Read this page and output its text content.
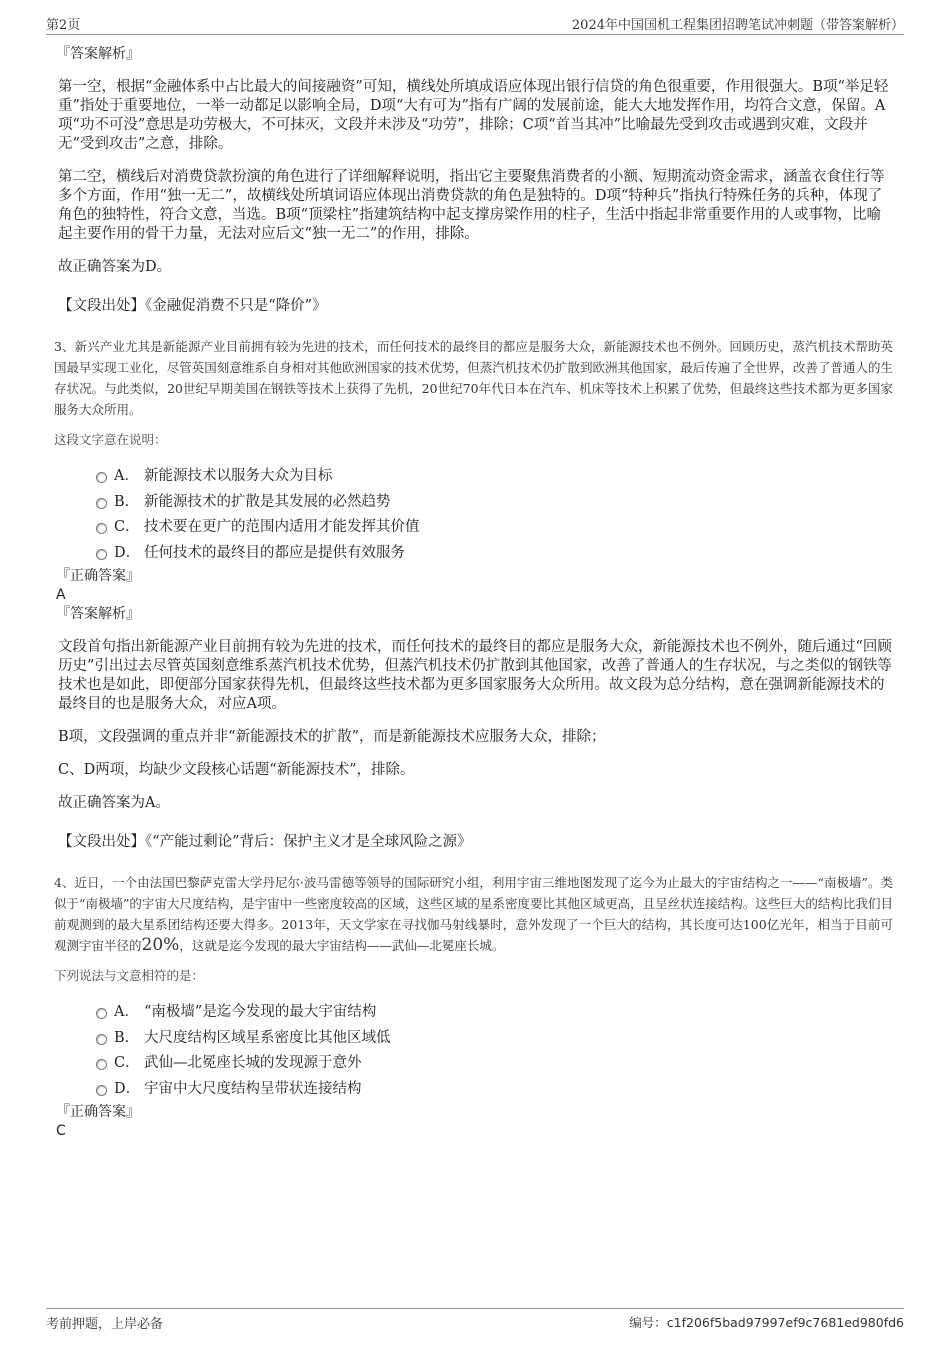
第2页	2024年中国国机工程集团招聘笔试冲刺题（带答案解析）
『答案解析』

第一空，根据“金融体系中占比最大的间接融资”可知，横线处所填成语应体现出银行信贷的角色很重要，作用很强大。B项“举足轻重”指处于重要地位，一举一动都足以影响全局，D项“大有可为”指有广阔的发展前途，能大大地发挥作用，均符合文意，保留。A项“功不可没”意思是功劳极大，不可抹灭，文段并未涉及“功劳”，排除；C项“首当其冲”比喻最先受到攻击或遇到灾难，文段并无“受到攻击”之意，排除。

第二空，横线后对消费贷款扮演的角色进行了详细解释说明，指出它主要聚焦消费者的小额、短期流动资金需求，涵盖衣食住行等多个方面，作用“独一无二”，故横线处所填词语应体现出消费贷款的角色是独特的。D项“特种兵”指执行特殊任务的兵种，体现了角色的独特性，符合文意，当选。B项“顶梁柱”指建筑结构中起支撑房梁作用的柱子，生活中指起非常重要作用的人或事物，比喻起主要作用的骨干力量，无法对应后文“独一无二”的作用，排除。

故正确答案为D。

【文段出处】《金融促消费不只是“降价”》

3、新兴产业尤其是新能源产业目前拥有较为先进的技术，而任何技术的最终目的都应是服务大众，新能源技术也不例外。回顾历史，蒸汽机技术帮助英国最早实现工业化，尽管英国刻意维系自身相对其他欧洲国家的技术优势，但蒸汽机技术仍扩散到欧洲其他国家，最后传遍了全世界，改善了普通人的生存状况。与此类似，20世纪早期美国在钢铁等技术上获得了先机，20世纪70年代日本在汽车、机床等技术上积累了优势，但最终这些技术都为更多国家服务大众所用。

这段文字意在说明：

A． 新能源技术以服务大众为目标
B． 新能源技术的扩散是其发展的必然趋势
C． 技术要在更广的范围内适用才能发挥其价值
D． 任何技术的最终目的都应是提供有效服务
『正确答案』
A
『答案解析』

文段首句指出新能源产业目前拥有较为先进的技术，而任何技术的最终目的都应是服务大众，新能源技术也不例外，随后通过“回顾历史”引出过去尽管英国刻意维系蒸汽机技术优势，但蒸汽机技术仍扩散到其他国家，改善了普通人的生存状况，与之类似的钢铁等技术也是如此，即便部分国家获得先机，但最终这些技术都为更多国家服务大众所用。故文段为总分结构，意在强调新能源技术的最终目的也是服务大众，对应A项。

B项，文段强调的重点并非“新能源技术的扩散”，而是新能源技术应服务大众，排除；

C、D两项，均缺少文段核心话题“新能源技术”，排除。

故正确答案为A。

【文段出处】《“产能过剩论”背后：保护主义才是全球风险之源》

4、近日，一个由法国巴黎萨克雷大学丹尼尔·波马雷德等领导的国际研究小组，利用宇宙三维地图发现了迄今为止最大的宇宙结构之一——“南极墙”。类似于“南极墙”的宇宙大尺度结构，是宇宙中一些密度较高的区域，这些区域的星系密度要比其他区域更高，且呈丝状连接结构。这些巨大的结构比我们目前观测到的最大星系团结构还要大得多。2013年，天文学家在寻找伽马射线暴时，意外发现了一个巨大的结构，其长度可达100亿光年，相当于目前可观测宇宙半径的20%，这就是迄今发现的最大宇宙结构——武仙—北冕座长城。

下列说法与文意相符的是：

A． “南极墙”是迄今发现的最大宇宙结构
B． 大尺度结构区域星系密度比其他区域低
C． 武仙—北冕座长城的发现源于意外
D． 宇宙中大尺度结构呈带状连接结构
『正确答案』
C
考前押题，上岸必备	编号：c1f206f5bad97997ef9c7681ed980fd6
